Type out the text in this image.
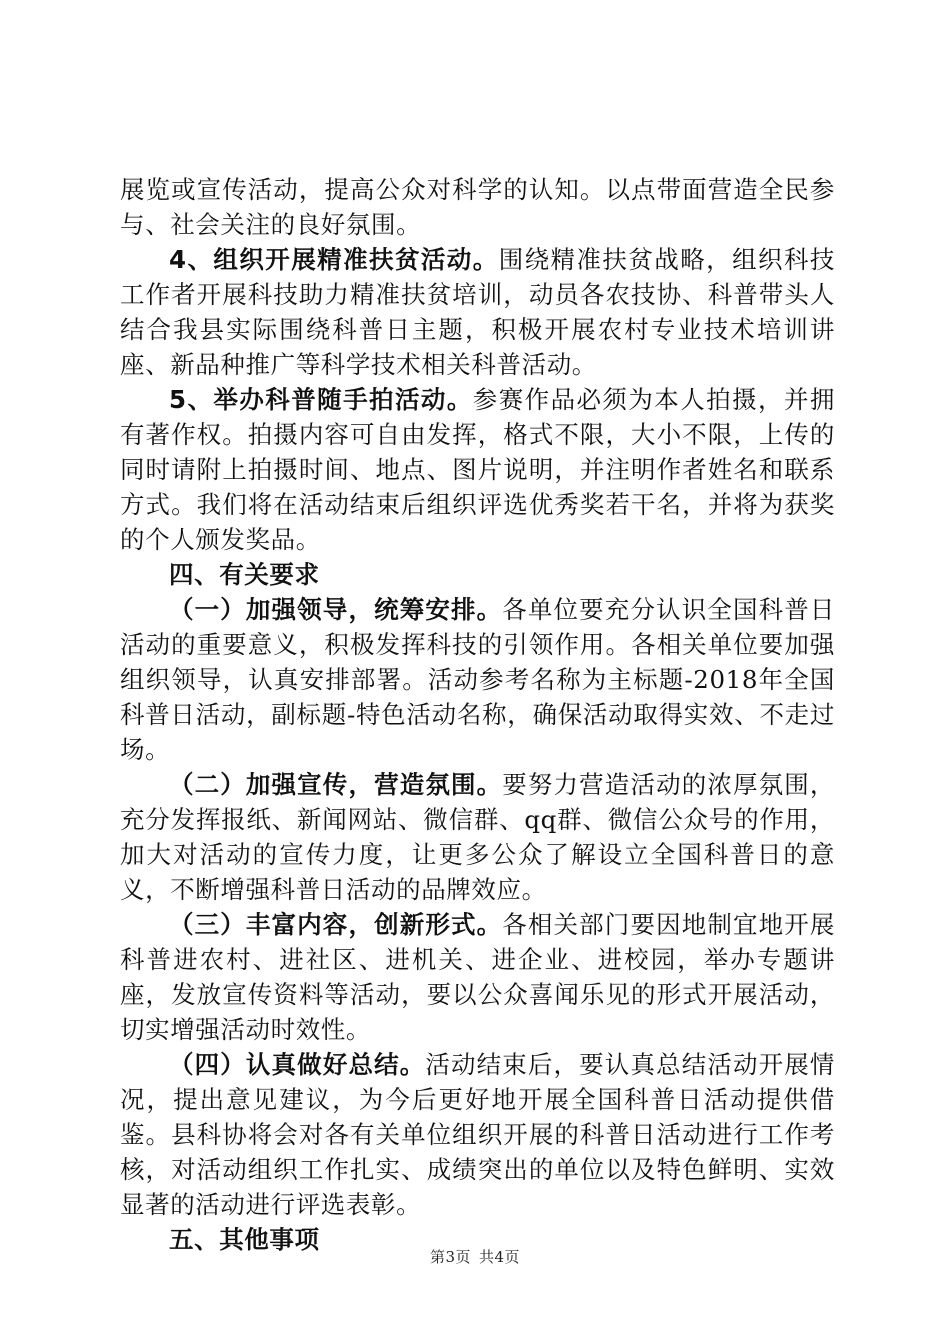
展览或宣传活动，提高公众对科学的认知。以点带面营造全民参与、社会关注的良好氛围。

4、组织开展精准扶贫活动。围绕精准扶贫战略，组织科技工作者开展科技助力精准扶贫培训，动员各农技协、科普带头人结合我县实际围绕科普日主题，积极开展农村专业技术培训讲座、新品种推广等科学技术相关科普活动。

5、举办科普随手拍活动。参赛作品必须为本人拍摄，并拥有著作权。拍摄内容可自由发挥，格式不限，大小不限，上传的同时请附上拍摄时间、地点、图片说明，并注明作者姓名和联系方式。我们将在活动结束后组织评选优秀奖若干名，并将为获奖的个人颁发奖品。

四、有关要求

（一）加强领导，统筹安排。各单位要充分认识全国科普日活动的重要意义，积极发挥科技的引领作用。各相关单位要加强组织领导，认真安排部署。活动参考名称为主标题-2018年全国科普日活动，副标题-特色活动名称，确保活动取得实效、不走过场。

（二）加强宣传，营造氛围。要努力营造活动的浓厚氛围，充分发挥报纸、新闻网站、微信群、qq群、微信公众号的作用，加大对活动的宣传力度，让更多公众了解设立全国科普日的意义，不断增强科普日活动的品牌效应。

（三）丰富内容，创新形式。各相关部门要因地制宜地开展科普进农村、进社区、进机关、进企业、进校园，举办专题讲座，发放宣传资料等活动，要以公众喜闻乐见的形式开展活动，切实增强活动时效性。

（四）认真做好总结。活动结束后，要认真总结活动开展情况，提出意见建议，为今后更好地开展全国科普日活动提供借鉴。县科协将会对各有关单位组织开展的科普日活动进行工作考核，对活动组织工作扎实、成绩突出的单位以及特色鲜明、实效显著的活动进行评选表彰。

五、其他事项

第3页 共4页
